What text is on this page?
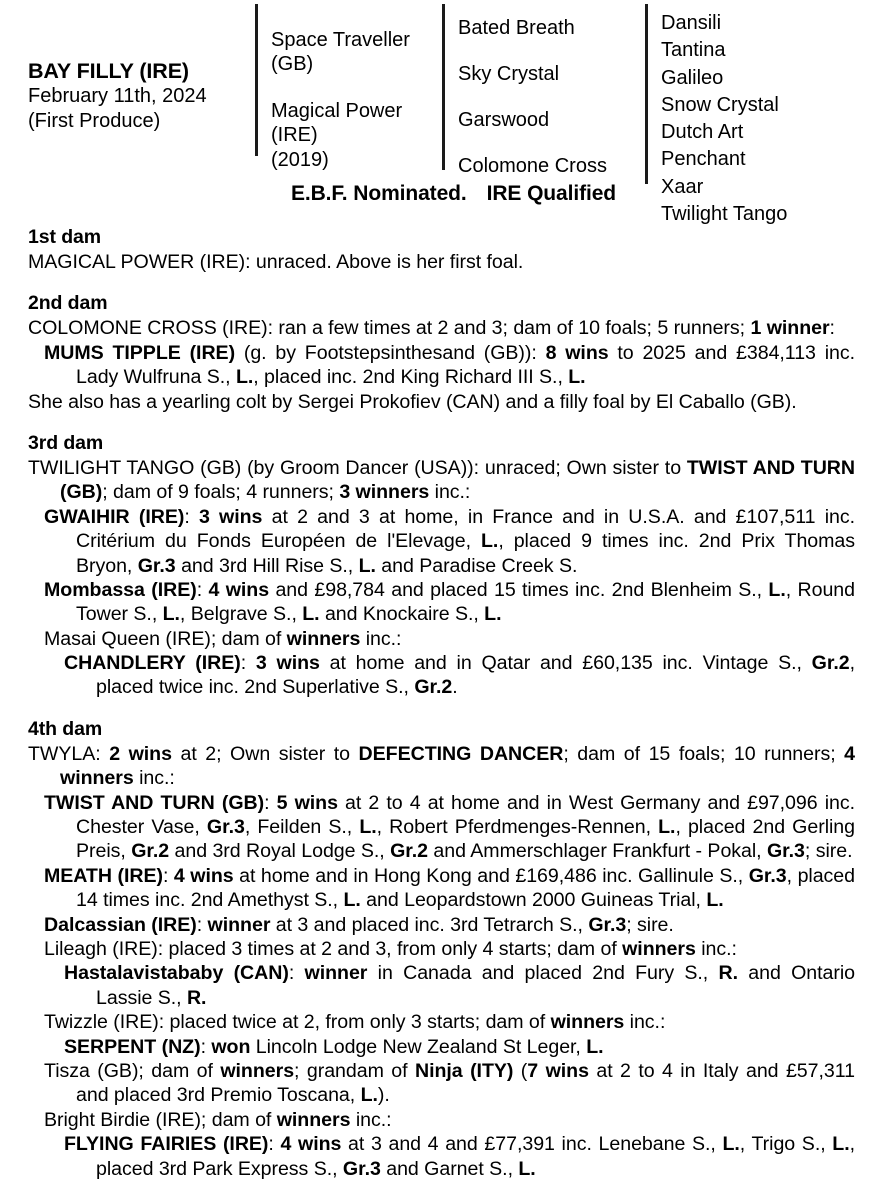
BAY FILLY (IRE)
February 11th, 2024
(First Produce)
Space Traveller
(GB)
Magical Power
(IRE)
(2019)
Bated Breath
Sky Crystal
Garswood
Colomone Cross
Dansili
Tantina
Galileo
Snow Crystal
Dutch Art
Penchant
Xaar
Twilight Tango
E.B.F. Nominated. IRE Qualified
1st dam

MAGICAL POWER (IRE): unraced. Above is her first foal.

2nd dam

COLOMONE CROSS (IRE): ran a few times at 2 and 3; dam of 10 foals; 5 runners; 1 winner:

MUMS TIPPLE (IRE) (g. by Footstepsinthesand (GB)): 8 wins to 2025 and £384,113 inc. Lady Wulfruna S., L., placed inc. 2nd King Richard III S., L.

She also has a yearling colt by Sergei Prokofiev (CAN) and a filly foal by El Caballo (GB).

3rd dam

TWILIGHT TANGO (GB) (by Groom Dancer (USA)): unraced; Own sister to TWIST AND TURN (GB); dam of 9 foals; 4 runners; 3 winners inc.:

GWAIHIR (IRE): 3 wins at 2 and 3 at home, in France and in U.S.A. and £107,511 inc. Critérium du Fonds Européen de l'Elevage, L., placed 9 times inc. 2nd Prix Thomas Bryon, Gr.3 and 3rd Hill Rise S., L. and Paradise Creek S.

Mombassa (IRE): 4 wins and £98,784 and placed 15 times inc. 2nd Blenheim S., L., Round Tower S., L., Belgrave S., L. and Knockaire S., L.

Masai Queen (IRE); dam of winners inc.:

CHANDLERY (IRE): 3 wins at home and in Qatar and £60,135 inc. Vintage S., Gr.2, placed twice inc. 2nd Superlative S., Gr.2.

4th dam

TWYLA: 2 wins at 2; Own sister to DEFECTING DANCER; dam of 15 foals; 10 runners; 4 winners inc.:

TWIST AND TURN (GB): 5 wins at 2 to 4 at home and in West Germany and £97,096 inc. Chester Vase, Gr.3, Feilden S., L., Robert Pferdmenges-Rennen, L., placed 2nd Gerling Preis, Gr.2 and 3rd Royal Lodge S., Gr.2 and Ammerschlager Frankfurt - Pokal, Gr.3; sire.

MEATH (IRE): 4 wins at home and in Hong Kong and £169,486 inc. Gallinule S., Gr.3, placed 14 times inc. 2nd Amethyst S., L. and Leopardstown 2000 Guineas Trial, L.

Dalcassian (IRE): winner at 3 and placed inc. 3rd Tetrarch S., Gr.3; sire.

Lileagh (IRE): placed 3 times at 2 and 3, from only 4 starts; dam of winners inc.:

Hastalavistababy (CAN): winner in Canada and placed 2nd Fury S., R. and Ontario Lassie S., R.

Twizzle (IRE): placed twice at 2, from only 3 starts; dam of winners inc.:

SERPENT (NZ): won Lincoln Lodge New Zealand St Leger, L.

Tisza (GB); dam of winners; grandam of Ninja (ITY) (7 wins at 2 to 4 in Italy and £57,311 and placed 3rd Premio Toscana, L.).

Bright Birdie (IRE); dam of winners inc.:

FLYING FAIRIES (IRE): 4 wins at 3 and 4 and £77,391 inc. Lenebane S., L., Trigo S., L., placed 3rd Park Express S., Gr.3 and Garnet S., L.
